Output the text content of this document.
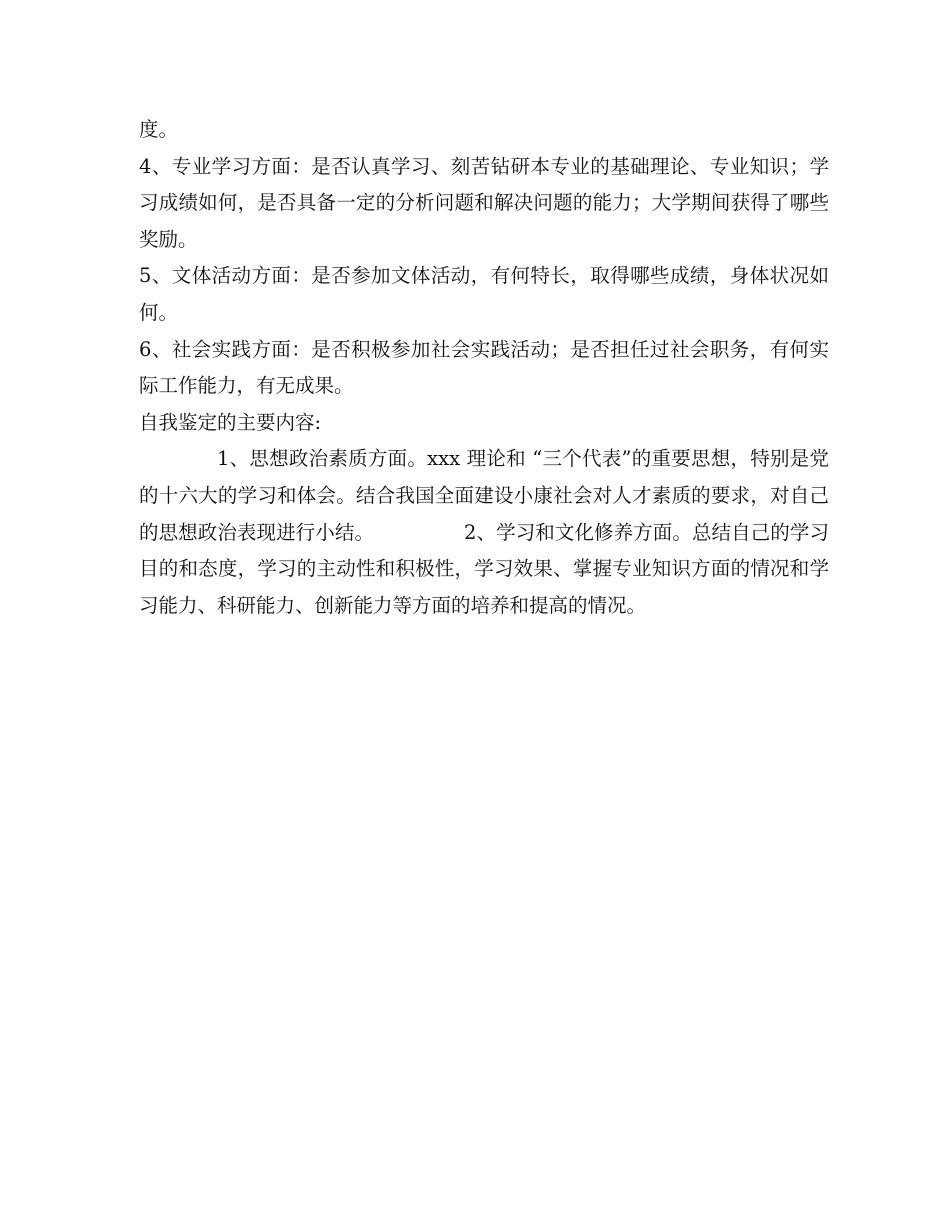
度。

4、专业学习方面：是否认真学习、刻苦钻研本专业的基础理论、专业知识；学习成绩如何，是否具备一定的分析问题和解决问题的能力；大学期间获得了哪些奖励。

5、文体活动方面：是否参加文体活动，有何特长，取得哪些成绩，身体状况如何。

6、社会实践方面：是否积极参加社会实践活动；是否担任过社会职务，有何实际工作能力，有无成果。

自我鉴定的主要内容:

1、思想政治素质方面。xxx 理论和 “三个代表”的重要思想，特别是党的十六大的学习和体会。结合我国全面建设小康社会对人才素质的要求，对自己的思想政治表现进行小结。	2、学习和文化修养方面。总结自己的学习目的和态度，学习的主动性和积极性，学习效果、掌握专业知识方面的情况和学习能力、科研能力、创新能力等方面的培养和提高的情况。
